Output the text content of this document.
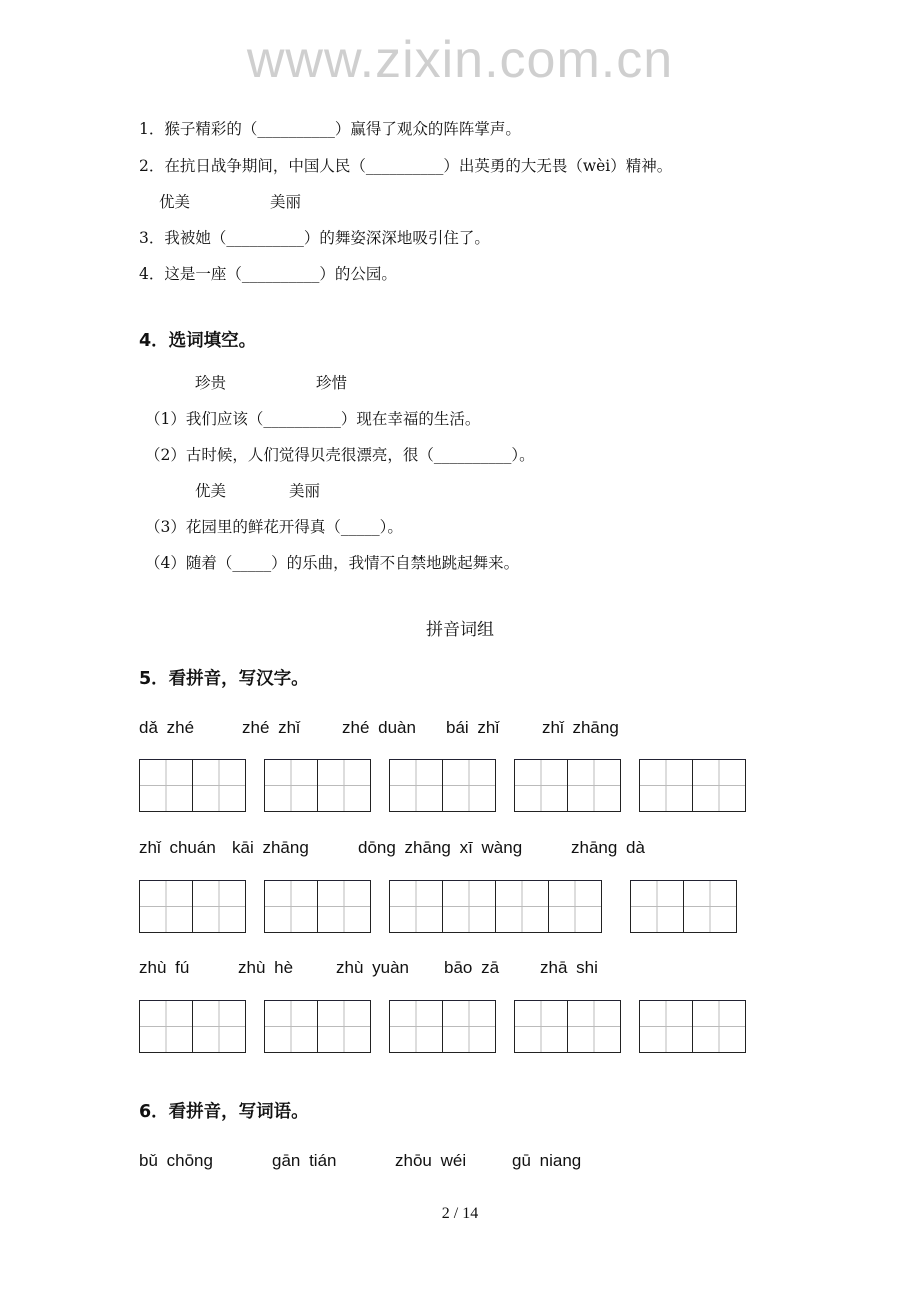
www.zixin.com.cn
1．猴子精彩的（__________）赢得了观众的阵阵掌声。
2．在抗日战争期间，中国人民（__________）出英勇的大无畏（wèi）精神。
优美	美丽
3．我被她（__________）的舞姿深深地吸引住了。
4．这是一座（__________）的公园。
4．选词填空。
珍贵	珍惜
（1）我们应该（__________）现在幸福的生活。
（2）古时候，人们觉得贝壳很漂亮，很（__________）。
优美	美丽
（3）花园里的鲜花开得真（_____）。
（4）随着（_____）的乐曲，我情不自禁地跳起舞来。
拼音词组
5．看拼音，写汉字。
dǎ zhé	zhé zhǐ zhé duàn bái zhǐ	zhǐ zhāng
zhǐ chuán kāi zhāng	dōng zhāng xī wàng	zhāng dà
zhù fú	zhù hè	zhù yuàn bāo zā zhā shi
6．看拼音，写词语。
bǔ chōng	gān tián	zhōu wéi	gū niang
2 / 14
